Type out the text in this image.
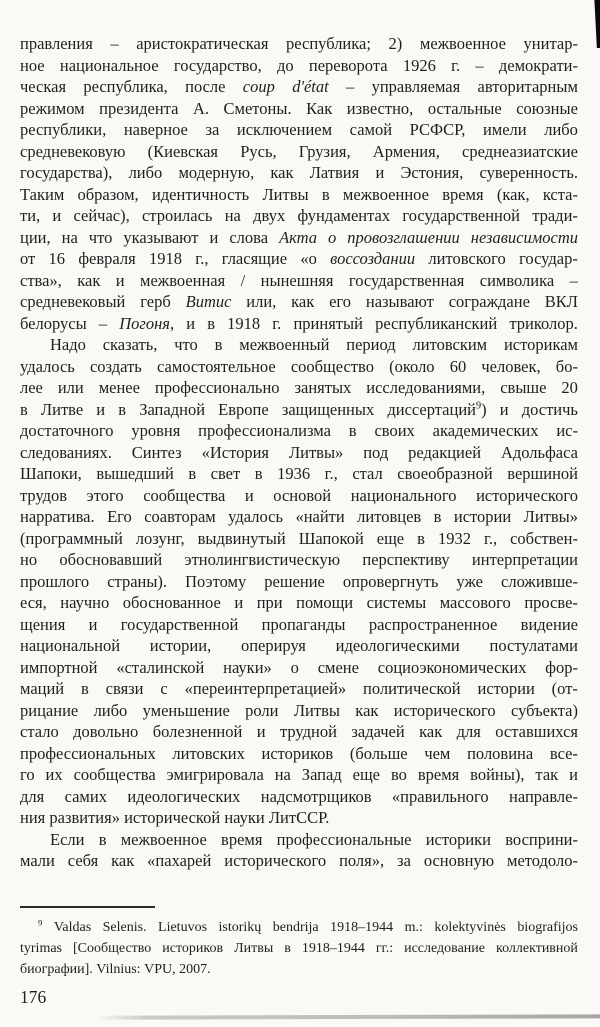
правления – аристократическая республика; 2) межвоенное унитар-
ное национальное государство, до переворота 1926 г. – демократи-
ческая республика, после coup d'état – управляемая авторитарным
режимом президента А. Сметоны. Как известно, остальные союзные
республики, наверное за исключением самой РСФСР, имели либо
средневековую (Киевская Русь, Грузия, Армения, среднеазиатские
государства), либо модерную, как Латвия и Эстония, суверенность.
Таким образом, идентичность Литвы в межвоенное время (как, кста-
ти, и сейчас), строилась на двух фундаментах государственной тради-
ции, на что указывают и слова Акта о провозглашении независимости
от 16 февраля 1918 г., гласящие «о воссоздании литовского государ-
ства», как и межвоенная / нынешняя государственная символика –
средневековый герб Витис или, как его называют сограждане ВКЛ
белорусы – Погоня, и в 1918 г. принятый республиканский триколор.
Надо сказать, что в межвоенный период литовским историкам
удалось создать самостоятельное сообщество (около 60 человек, бо-
лее или менее профессионально занятых исследованиями, свыше 20
в Литве и в Западной Европе защищенных диссертаций$^9$) и достичь
достаточного уровня профессионализма в своих академических ис-
следованиях. Синтез «История Литвы» под редакцией Адольфаса
Шапоки, вышедший в свет в 1936 г., стал своеобразной вершиной
трудов этого сообщества и основой национального исторического
нарратива. Его соавторам удалось «найти литовцев в истории Литвы»
(программный лозунг, выдвинутый Шапокой еще в 1932 г., собствен-
но обосновавший этнолингвистическую перспективу интерпретации
прошлого страны). Поэтому решение опровергнуть уже сложивше-
еся, научно обоснованное и при помощи системы массового просве-
щения и государственной пропаганды распространенное видение
национальной истории, оперируя идеологическими постулатами
импортной «сталинской науки» о смене социоэкономических фор-
маций в связи с «переинтерпретацией» политической истории (от-
рицание либо уменьшение роли Литвы как исторического субъекта)
стало довольно болезненной и трудной задачей как для оставшихся
профессиональных литовских историков (больше чем половина все-
го их сообщества эмигрировала на Запад еще во время войны), так и
для самих идеологических надсмотрщиков «правильного направле-
ния развития» исторической науки ЛитССР.
Если в межвоенное время профессиональные историки восприни-
мали себя как «пахарей исторического поля», за основную методоло-
$^9$ Valdas Selenis. Lietuvos istorikų bendrija 1918–1944 m.: kolektyvinės biografijos
tyrimas [Сообщество историков Литвы в 1918–1944 гг.: исследование коллективной
биографии]. Vilnius: VPU, 2007.
176
